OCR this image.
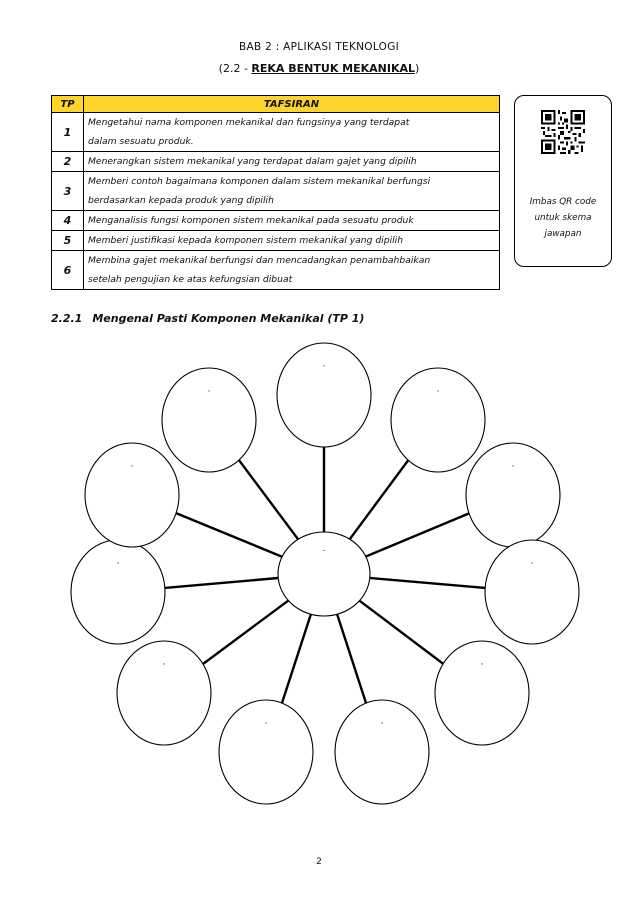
BAB 2 : APLIKASI TEKNOLOGI
(2.2 - REKA BENTUK MEKANIKAL)
TP	TAFSIRAN
1	Mengetahui nama komponen mekanikal dan fungsinya yang terdapat
dalam sesuatu produk.

2	Menerangkan sistem mekanikal yang terdapat dalam gajet yang dipilih

3	Memberi contoh bagaimana komponen dalam sistem mekanikal berfungsi
berdasarkan kepada produk yang dipilih

4	Menganalisis fungsi komponen sistem mekanikal pada sesuatu produk

5	Memberi justifikasi kepada komponen sistem mekanikal yang dipilih

6	Membina gajet mekanikal berfungsi dan mencadangkan penambahbaikan
setelah pengujian ke atas kefungsian dibuat
Imbas QR code
untuk skema
jawapan
2.2.1 Mengenal Pasti Komponen Mekanikal (TP 1)
.
.
.
.
.
.
.
.
.
.
.
.
2
